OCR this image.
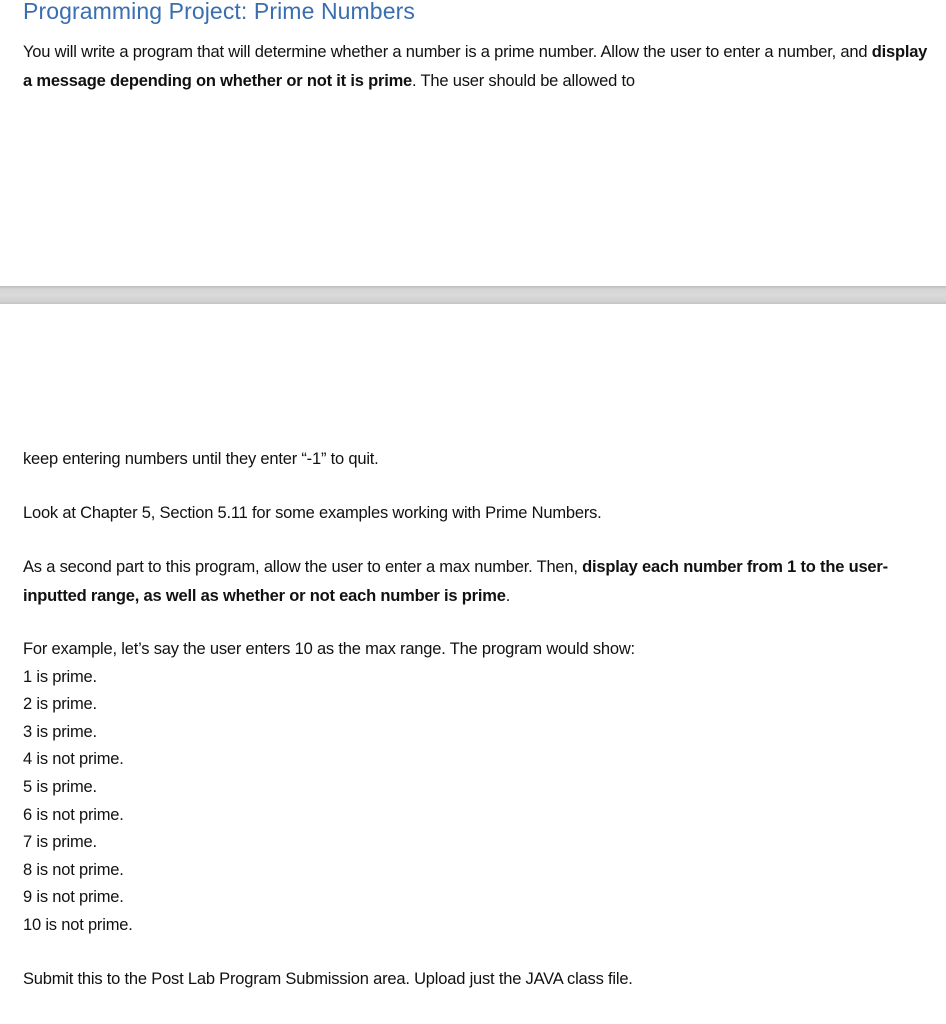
Programming Project: Prime Numbers

You will write a program that will determine whether a number is a prime number. Allow the user to enter a number, and display a message depending on whether or not it is prime. The user should be allowed to

keep entering numbers until they enter “-1” to quit.

Look at Chapter 5, Section 5.11 for some examples working with Prime Numbers.

As a second part to this program, allow the user to enter a max number. Then, display each number from 1 to the user-inputted range, as well as whether or not each number is prime.

For example, let’s say the user enters 10 as the max range. The program would show:

1 is prime.
2 is prime.
3 is prime.
4 is not prime.
5 is prime.
6 is not prime.
7 is prime.
8 is not prime.
9 is not prime.
10 is not prime.

Submit this to the Post Lab Program Submission area. Upload just the JAVA class file.
